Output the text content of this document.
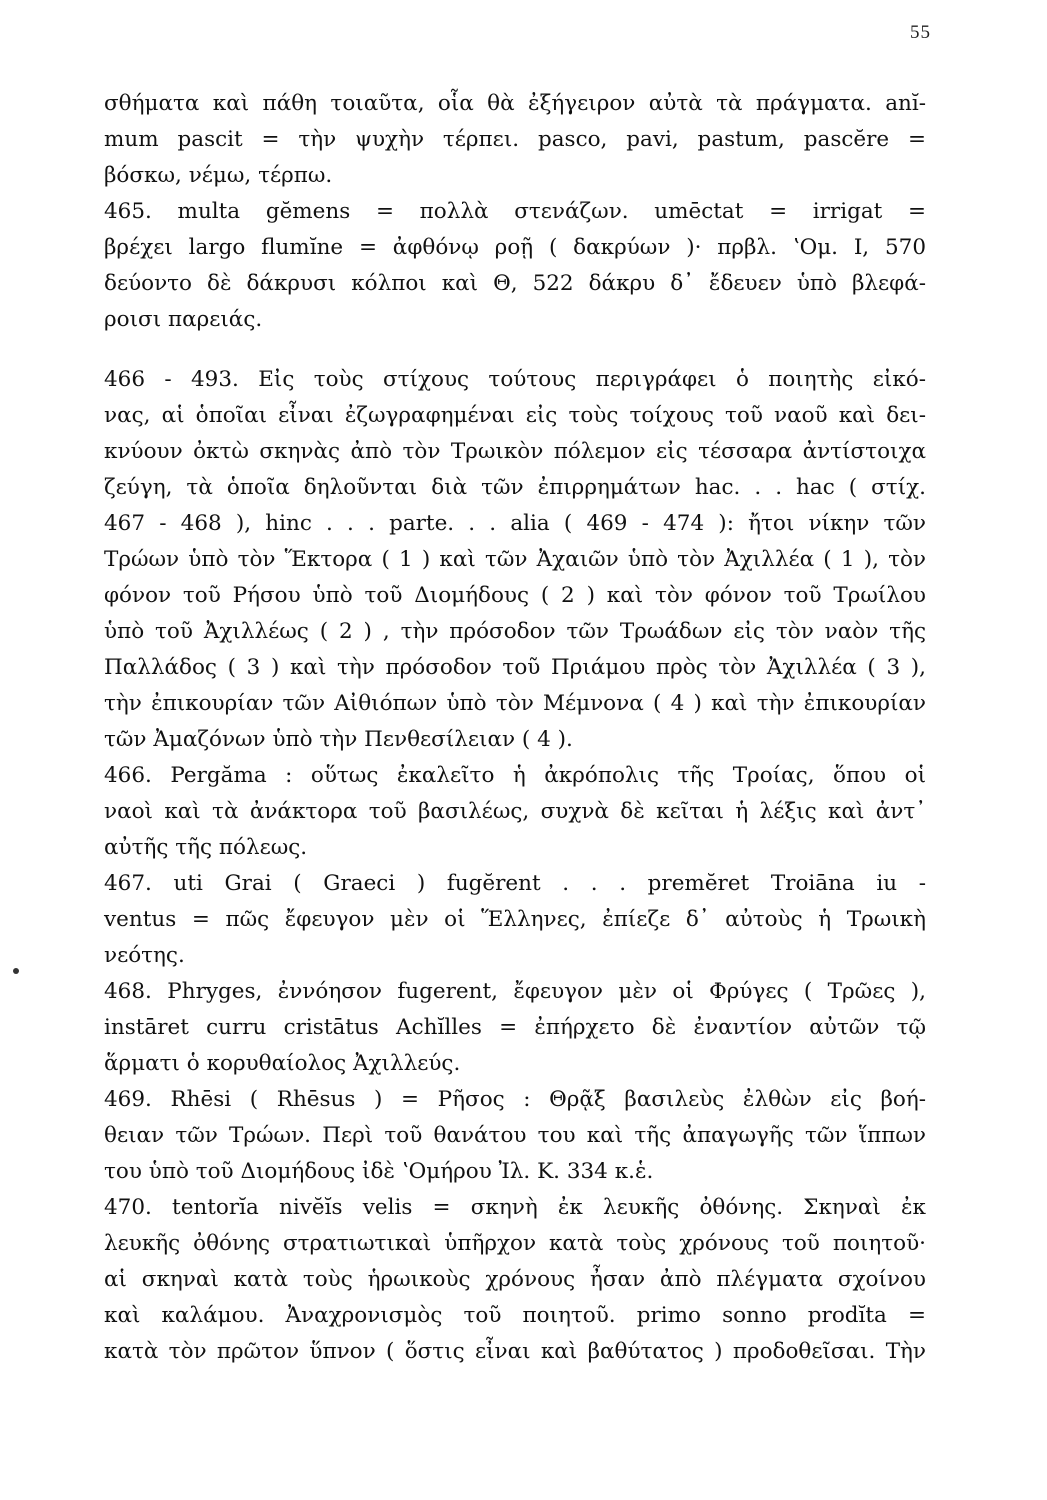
55
σθήματα καὶ πάθη τοιαῦτα, οἷα θὰ ἐξήγειρον αὐτὰ τὰ πράγματα. anĭ-
mum pascit = τὴν ψυχὴν τέρπει. pasco, pavi, pastum, pascĕre =
βόσκω, νέμω, τέρπω.
465. multa gĕmens = πολλὰ στενάζων. umēctat = irrigat =
βρέχει largo flumĭne = ἀφθόνῳ ροῇ ( δακρύων )· πρβλ. ʽΟμ. I, 570
δεύοντο δὲ δάκρυσι κόλποι καὶ Θ, 522 δάκρυ δ᾽ ἔδευεν ὑπὸ βλεφά-
ροισι παρειάς.
466 - 493. Εἰς τοὺς στίχους τούτους περιγράφει ὁ ποιητὴς εἰκό-
νας, αἱ ὁποῖαι εἶναι ἐζωγραφημέναι εἰς τοὺς τοίχους τοῦ ναοῦ καὶ δει-
κνύουν ὀκτὼ σκηνὰς ἀπὸ τὸν Τρωικὸν πόλεμον εἰς τέσσαρα ἀντίστοιχα
ζεύγη, τὰ ὁποῖα δηλοῦνται διὰ τῶν ἐπιρρημάτων hac. . . hac ( στίχ.
467 - 468 ), hinc . . . parte. . . alia ( 469 - 474 ): ἤτοι νίκην τῶν
Τρώων ὑπὸ τὸν Ἕκτορα ( 1 ) καὶ τῶν Ἀχαιῶν ὑπὸ τὸν Ἀχιλλέα ( 1 ), τὸν
φόνον τοῦ Ρήσου ὑπὸ τοῦ Διομήδους ( 2 ) καὶ τὸν φόνον τοῦ Τρωίλου
ὑπὸ τοῦ Ἀχιλλέως ( 2 ) , τὴν πρόσοδον τῶν Τρωάδων εἰς τὸν ναὸν τῆς
Παλλάδος ( 3 ) καὶ τὴν πρόσοδον τοῦ Πριάμου πρὸς τὸν Ἀχιλλέα ( 3 ),
τὴν ἐπικουρίαν τῶν Αἰθιόπων ὑπὸ τὸν Μέμνονα ( 4 ) καὶ τὴν ἐπικουρίαν
τῶν Ἀμαζόνων ὑπὸ τὴν Πενθεσίλειαν ( 4 ).
466. Pergăma : οὕτως ἐκαλεῖτο ἡ ἀκρόπολις τῆς Τροίας, ὅπου οἱ
ναοὶ καὶ τὰ ἀνάκτορα τοῦ βασιλέως, συχνὰ δὲ κεῖται ἡ λέξις καὶ ἀντ᾽
αὐτῆς τῆς πόλεως.
467. uti Grai ( Graeci ) fugĕrent . . . premĕret Troiāna iu -
ventus = πῶς ἔφευγον μὲν οἱ Ἕλληνες, ἐπίεζε δ᾽ αὐτοὺς ἡ Τρωικὴ
νεότης.
468. Phryges, ἐννόησον fugerent, ἔφευγον μὲν οἱ Φρύγες ( Τρῶες ),
instāret curru cristātus Achĭlles = ἐπήρχετο δὲ ἐναντίον αὐτῶν τῷ
ἅρματι ὁ κορυθαίολος Ἀχιλλεύς.
469. Rhēsi ( Rhēsus ) = Ρῆσος : Θρᾷξ βασιλεὺς ἐλθὼν εἰς βοή-
θειαν τῶν Τρώων. Περὶ τοῦ θανάτου του καὶ τῆς ἀπαγωγῆς τῶν ἵππων
του ὑπὸ τοῦ Διομήδους ἰδὲ ʽΟμήρου Ἰλ. Κ. 334 κ.ἑ.
470. tentorĭa nivĕĭs velis = σκηνὴ ἐκ λευκῆς ὀθόνης. Σκηναὶ ἐκ
λευκῆς ὀθόνης στρατιωτικαὶ ὑπῆρχον κατὰ τοὺς χρόνους τοῦ ποιητοῦ·
αἱ σκηναὶ κατὰ τοὺς ἡρωικοὺς χρόνους ἦσαν ἀπὸ πλέγματα σχοίνου
καὶ καλάμου. Ἀναχρονισμὸς τοῦ ποιητοῦ. primo sonno prodĭta =
κατὰ τὸν πρῶτον ὕπνον ( ὅστις εἶναι καὶ βαθύτατος ) προδοθεῖσαι. Τὴν
